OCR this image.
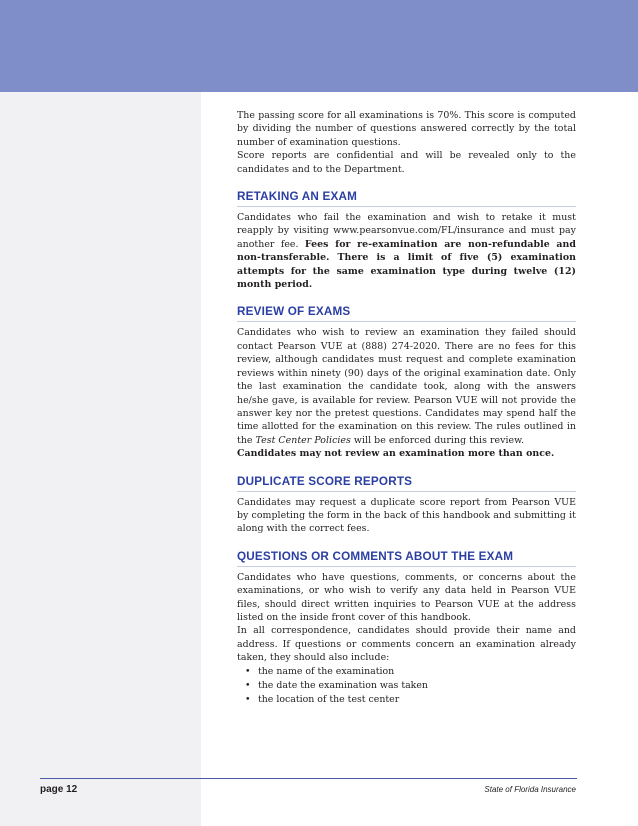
The passing score for all examinations is 70%. This score is computed by dividing the number of questions answered correctly by the total number of examination questions.

Score reports are confidential and will be revealed only to the candidates and to the Department.

RETAKING AN EXAM

Candidates who fail the examination and wish to retake it must reapply by visiting www.pearsonvue.com/FL/insurance and must pay another fee. Fees for re-examination are non-refundable and non-transferable. There is a limit of five (5) examination attempts for the same examination type during twelve (12) month period.

REVIEW OF EXAMS

Candidates who wish to review an examination they failed should contact Pearson VUE at (888) 274-2020. There are no fees for this review, although candidates must request and complete examination reviews within ninety (90) days of the original examination date. Only the last examination the candidate took, along with the answers he/she gave, is available for review. Pearson VUE will not provide the answer key nor the pretest questions. Candidates may spend half the time allotted for the examination on this review. The rules outlined in the Test Center Policies will be enforced during this review.

Candidates may not review an examination more than once.

DUPLICATE SCORE REPORTS

Candidates may request a duplicate score report from Pearson VUE by completing the form in the back of this handbook and submitting it along with the correct fees.

QUESTIONS OR COMMENTS ABOUT THE EXAM

Candidates who have questions, comments, or concerns about the examinations, or who wish to verify any data held in Pearson VUE files, should direct written inquiries to Pearson VUE at the address listed on the inside front cover of this handbook.

In all correspondence, candidates should provide their name and address. If questions or comments concern an examination already taken, they should also include:

• the name of the examination
• the date the examination was taken
• the location of the test center
page 12	State of Florida Insurance
